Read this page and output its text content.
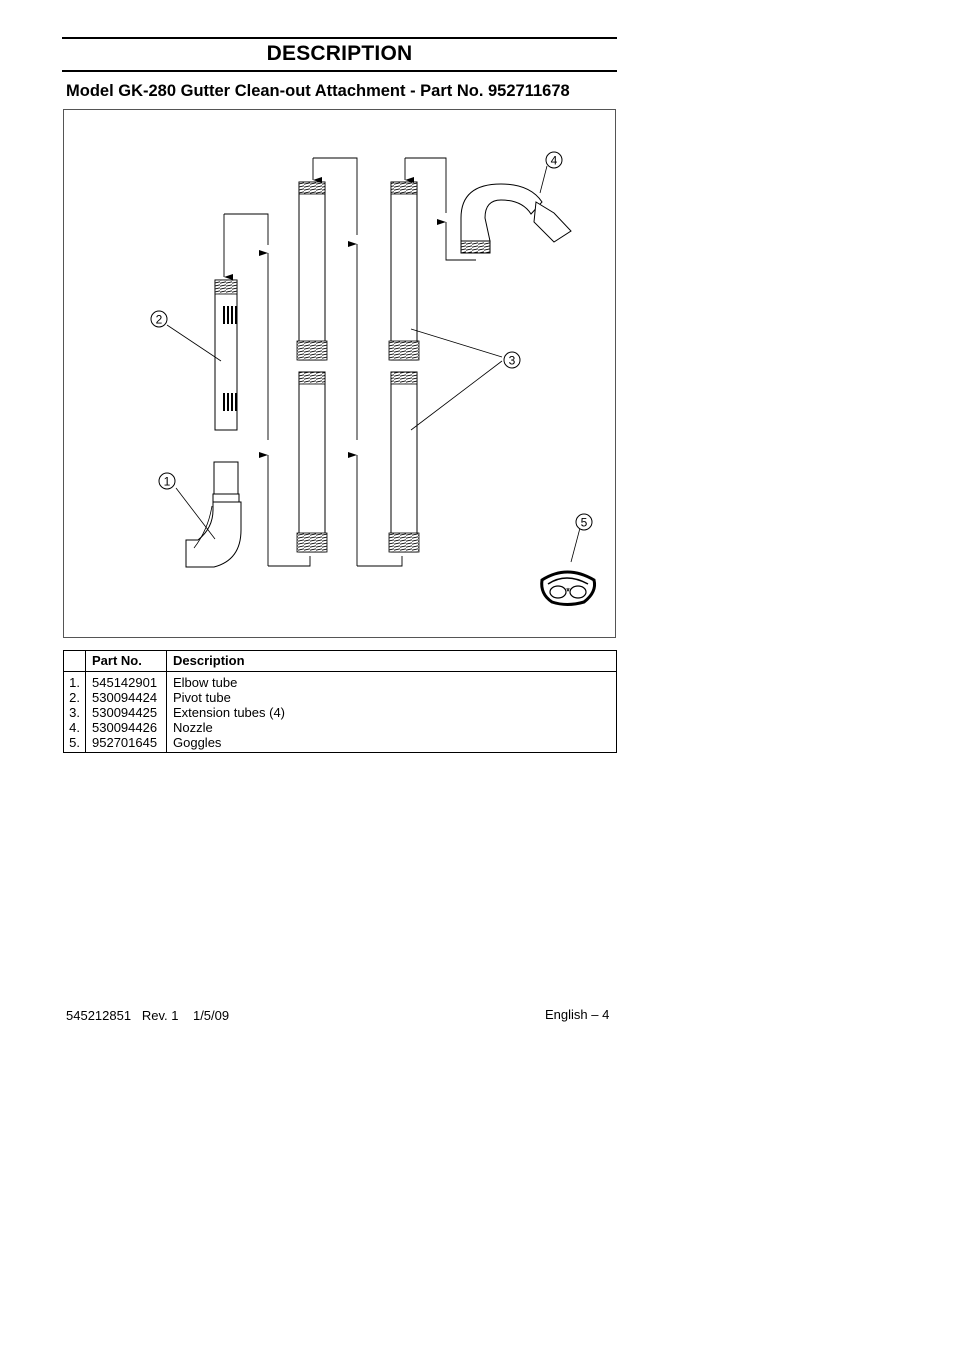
DESCRIPTION
Model GK-280 Gutter Clean-out Attachment - Part No. 952711678
1
2
3
4
5
	Part No.	Description
1.	545142901	Elbow tube
2.	530094424	Pivot tube
3.	530094425	Extension tubes (4)
4.	530094426	Nozzle
5.	952701645	Goggles
545212851   Rev. 1    1/5/09	English – 4
